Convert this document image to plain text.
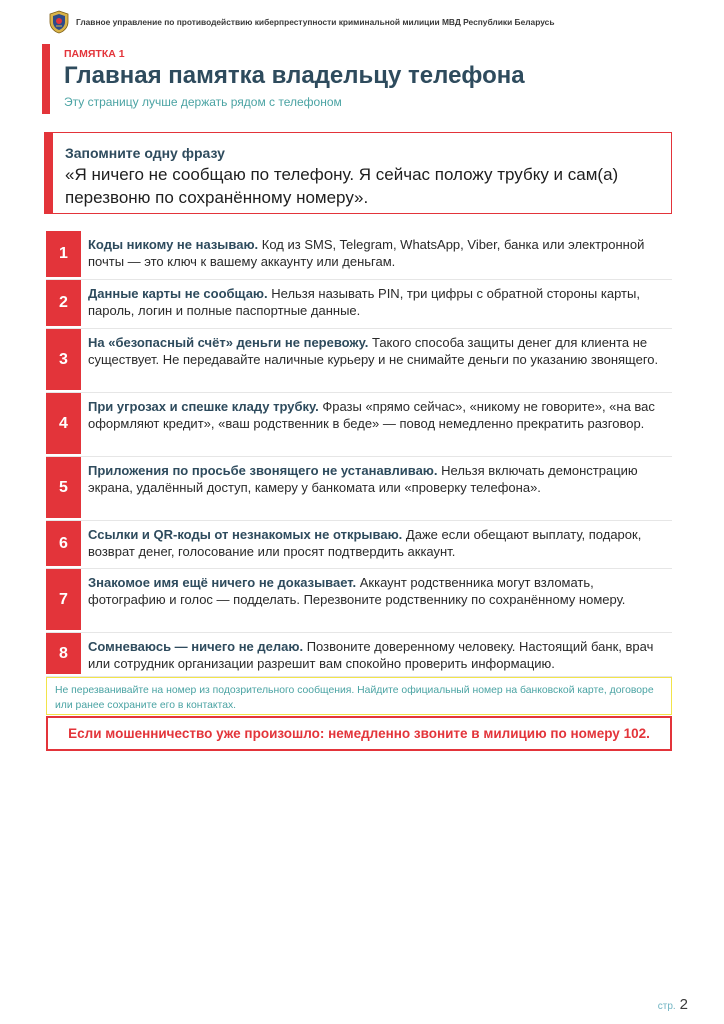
Главное управление по противодействию киберпреступности криминальной милиции МВД Республики Беларусь
ПАМЯТКА 1
Главная памятка владельцу телефона
Эту страницу лучше держать рядом с телефоном
Запомните одну фразу
«Я ничего не сообщаю по телефону. Я сейчас положу трубку и сам(а) перезвоню по сохранённому номеру».
1
Коды никому не называю. Код из SMS, Telegram, WhatsApp, Viber, банка или электронной почты — это ключ к вашему аккаунту или деньгам.
2
Данные карты не сообщаю. Нельзя называть PIN, три цифры с обратной стороны карты, пароль, логин и полные паспортные данные.
3
На «безопасный счёт» деньги не перевожу. Такого способа защиты денег для клиента не существует. Не передавайте наличные курьеру и не снимайте деньги по указанию звонящего.
4
При угрозах и спешке кладу трубку. Фразы «прямо сейчас», «никому не говорите», «на вас оформляют кредит», «ваш родственник в беде» — повод немедленно прекратить разговор.
5
Приложения по просьбе звонящего не устанавливаю. Нельзя включать демонстрацию экрана, удалённый доступ, камеру у банкомата или «проверку телефона».
6	Ссылки и QR-коды от незнакомых не открываю. Даже если обещают выплату, подарок, возврат денег, голосование или просят подтвердить аккаунт.
7
Знакомое имя ещё ничего не доказывает. Аккаунт родственника могут взломать, фотографию и голос — подделать. Перезвоните родственнику по сохранённому номеру.
8	Сомневаюсь — ничего не делаю. Позвоните доверенному человеку. Настоящий банк, врач или сотрудник организации разрешит вам спокойно проверить информацию.
Не перезванивайте на номер из подозрительного сообщения. Найдите официальный номер на банковской карте, договоре или ранее сохраните его в контактах.
Если мошенничество уже произошло: немедленно звоните в милицию по номеру 102.
стр. 2
